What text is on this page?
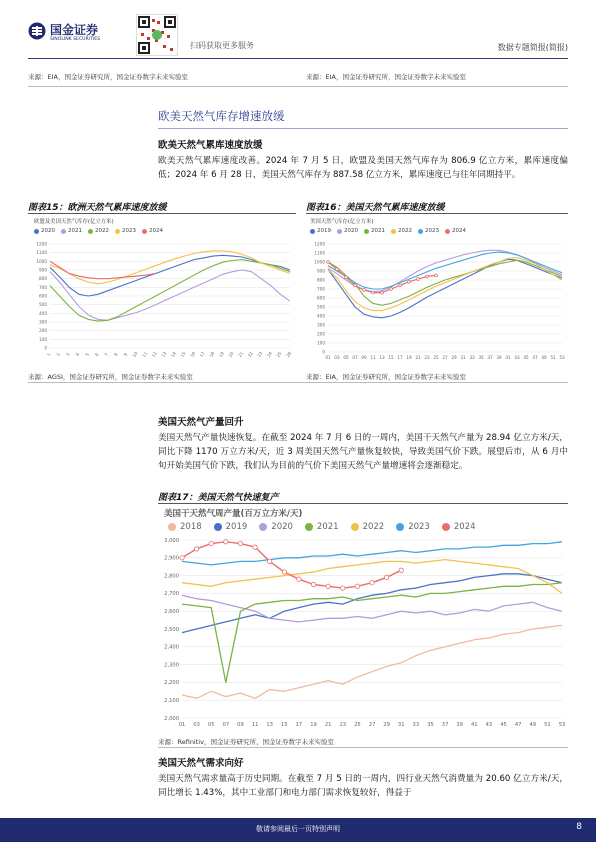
国金证券
SINOLINK SECURITIES
扫码获取更多服务	数据专题简报(简报)
来源：EIA，国金证券研究所，国金证券数字未来实验室	来源：EIA，国金证券研究所，国金证券数字未来实验室
欧美天然气库存增速放缓
欧美天然气累库速度放缓
欧美天然气累库速度改善。2024 年 7 月 5 日，欧盟及美国天然气库存为 806.9 亿立方米，累库速度偏低；2024 年 6 月 28 日，美国天然气库存为 887.58 亿立方米，累库速度已与往年同期持平。
图表15：欧洲天然气累库速度放缓
欧盟及美国天然气库存(亿立方米)
2020 2021 2022 2023 2024
0
100
200
300
400
500
600
700
800
900
1000
1100
1200
1 2 3 4 5 6 7 8 9 10 11 12 13 14 15 16 17 18 19 20 21 22 23 24 25 26
来源：AGSI，国金证券研究所，国金证券数字未来实验室
图表16：美国天然气累库速度放缓
美国天然气库存(亿立方米)
2019 2020 2021 2022 2023 2024
0
100
200
300
400
500
600
700
800
900
1000
1100
1200
01 03 05 07 09 11 13 15 17 19 21 23 25 27 29 31 33 35 37 39 41 43 45 47 49 51 53
来源：EIA，国金证券研究所，国金证券数字未来实验室
美国天然气产量回升
美国天然气产量快速恢复。在截至 2024 年 7 月 6 日的一周内，美国干天然气产量为 28.94 亿立方米/天，同比下降 1170 万立方米/天，近 3 周美国天然气产量恢复较快，导致美国气价下跌。展望后市，从 6 月中旬开始美国气价下跌，我们认为目前的气价下美国天然气产量增速将会逐渐稳定。
图表17：美国天然气快速复产
美国干天然气周产量(百万立方米/天)
2018	2019	2020	2021	2022	2023	2024
2,000
2,100
2,200
2,300
2,400
2,500
2,600
2,700
2,800
2,900
3,000
01 03 05 07 09 11 13 15 17 19 21 23 25 27 29 31 33 35 37 39 41 43 45 47 49 51 53
来源：Refinitiv，国金证券研究所，国金证券数字未来实验室
美国天然气需求向好
美国天然气需求量高于历史同期。在截至 7 月 5 日的一周内，四行业天然气消费量为 20.60 亿立方米/天，同比增长 1.43%，其中工业部门和电力部门需求恢复较好，得益于
敬请参阅最后一页特别声明	8
